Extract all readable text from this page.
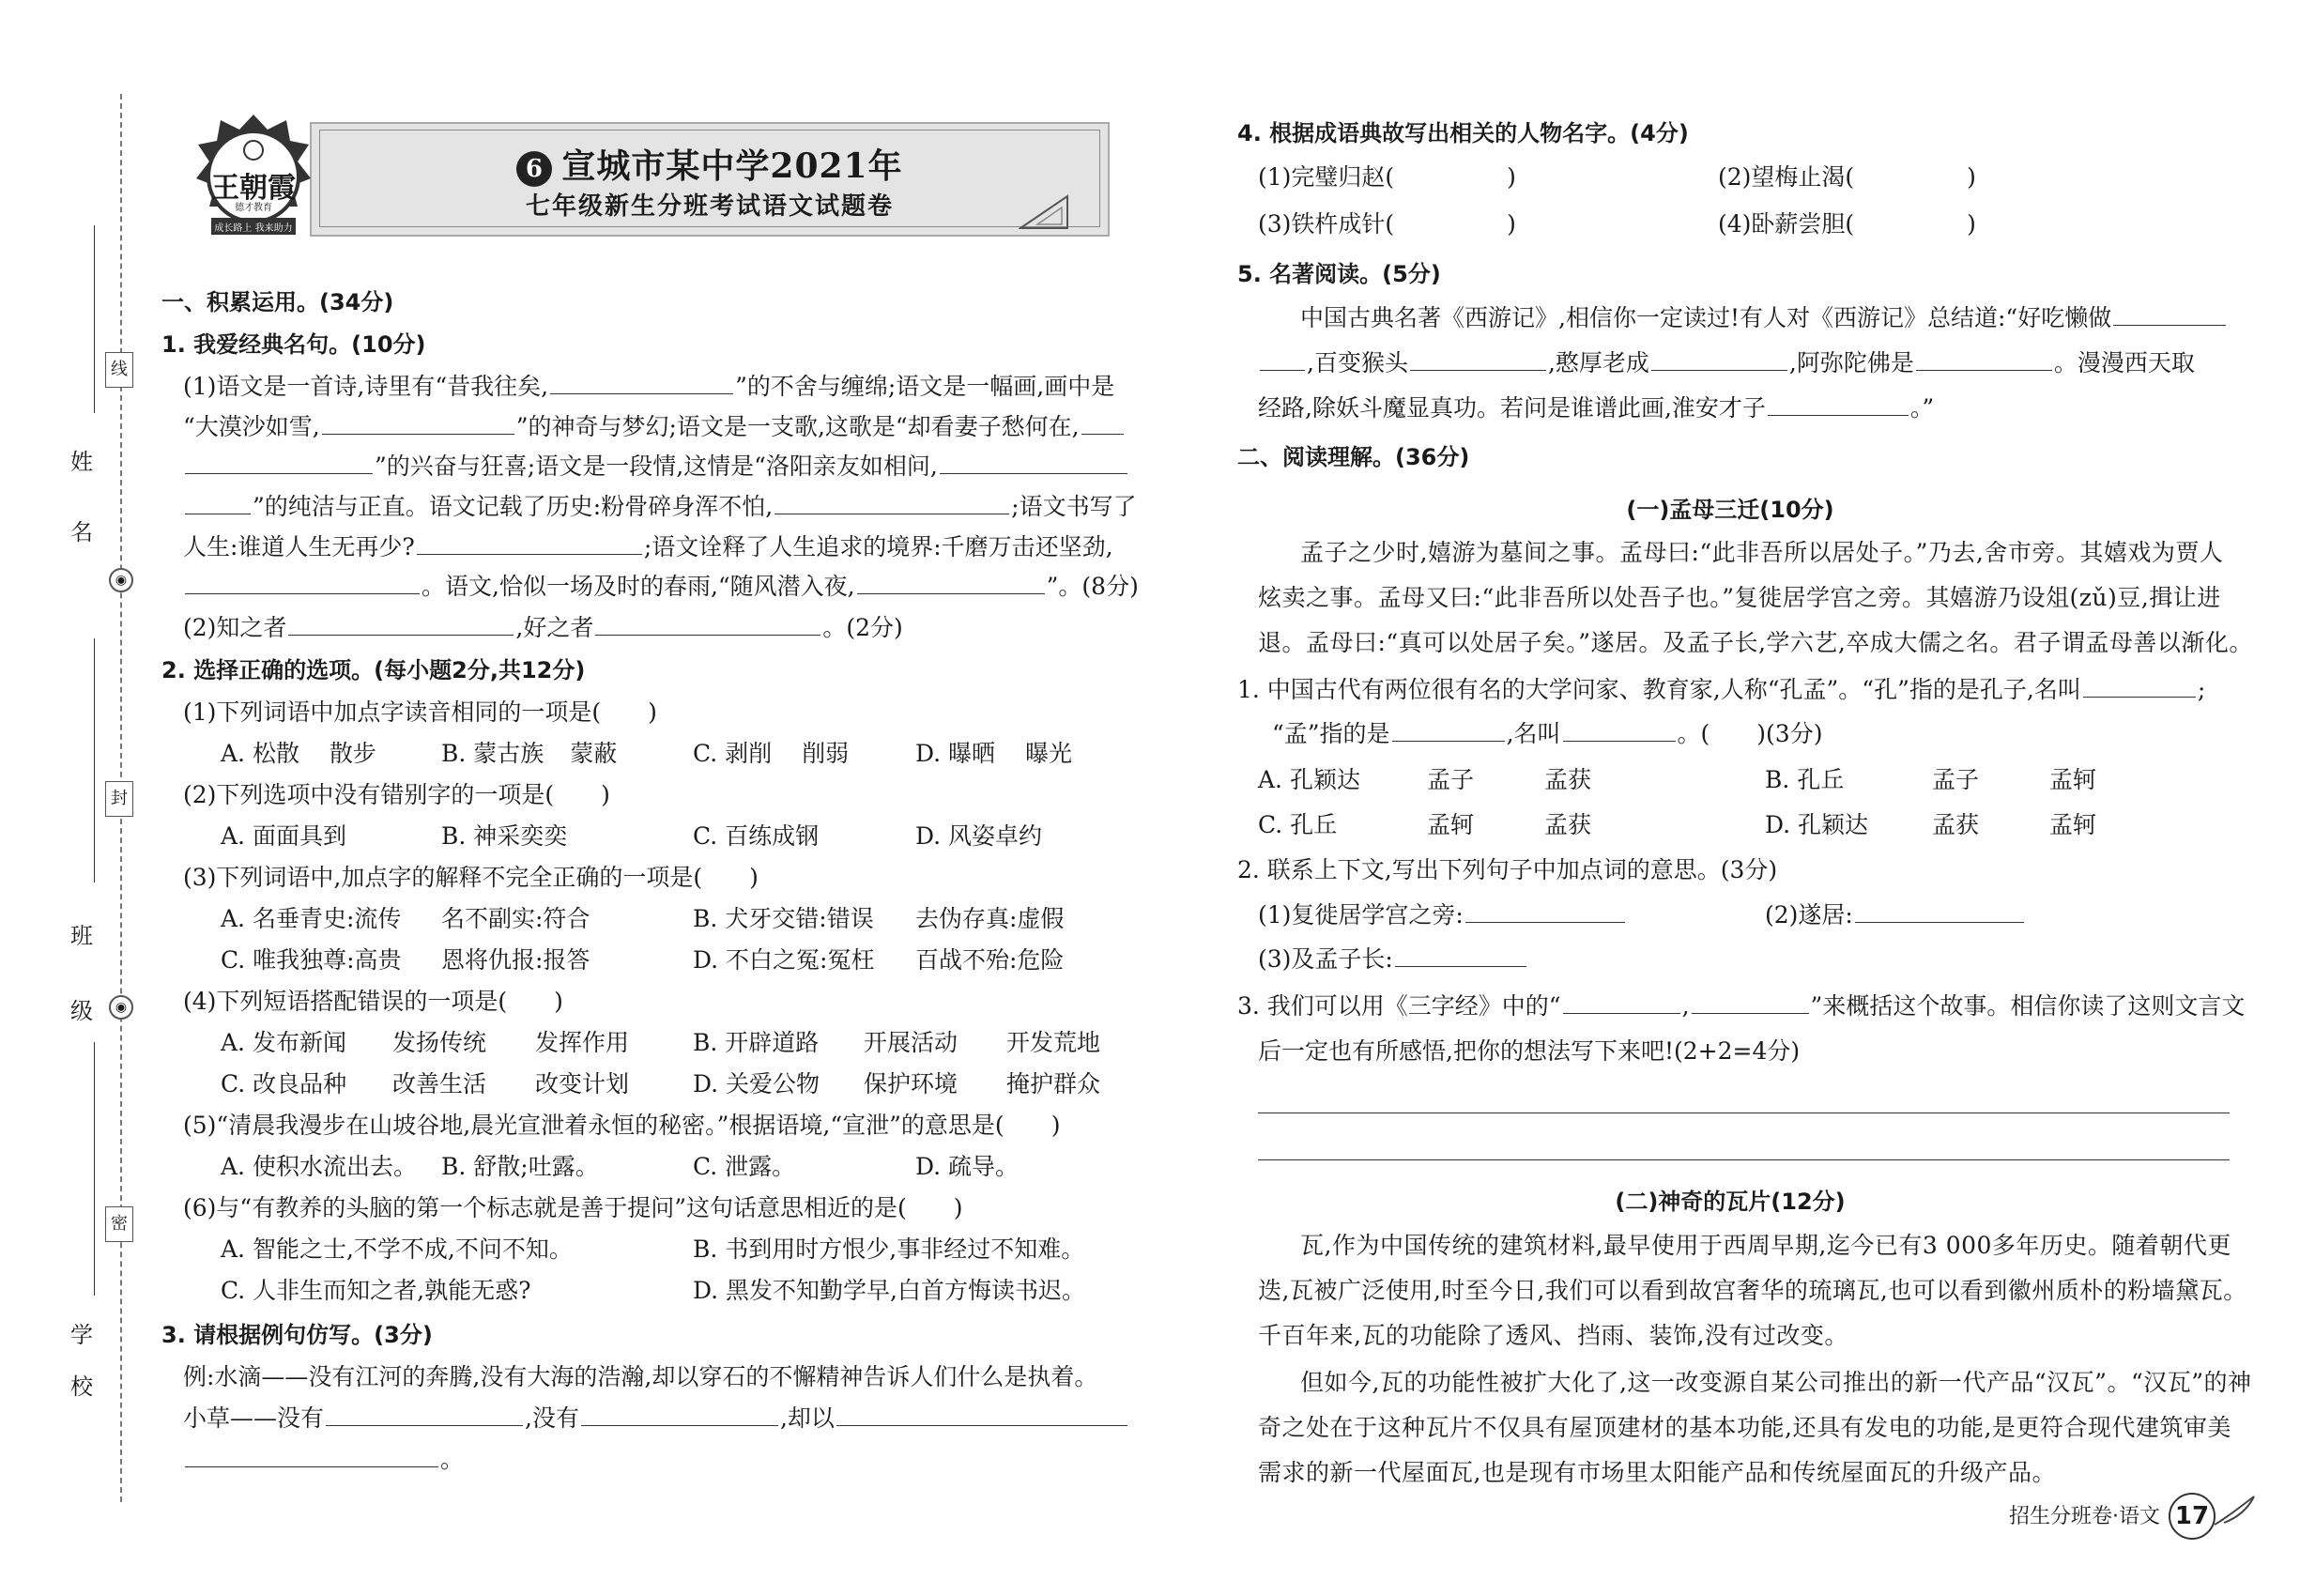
线
◉
封
◉
密
姓
名
班
级
学
校
6 宣城市某中学2021年
七年级新生分班考试语文试题卷
王朝霞
德才教育
成长路上 我来助力
一、积累运用。(34分)
1. 我爱经典名句。(10分)
(1)语文是一首诗,诗里有“昔我往矣,	”的不舍与缠绵;语文是一幅画,画中是
“大漠沙如雪,	”的神奇与梦幻;语文是一支歌,这歌是“却看妻子愁何在,
”的兴奋与狂喜;语文是一段情,这情是“洛阳亲友如相问,
”的纯洁与正直。语文记载了历史:粉骨碎身浑不怕,	;语文书写了
人生:谁道人生无再少?	;语文诠释了人生追求的境界:千磨万击还坚劲,
。语文,恰似一场及时的春雨,“随风潜入夜,	”。(8分)
(2)知之者	,好之者	。(2分)
2. 选择正确的选项。(每小题2分,共12分)
(1)下列词语中加点字读音相同的一项是( )
A. 松散 散步	B. 蒙古族 蒙蔽	C. 剥削 削弱	D. 曝晒 曝光
(2)下列选项中没有错别字的一项是( )
A. 面面具到	B. 神采奕奕	C. 百练成钢	D. 风姿卓约
(3)下列词语中,加点字的解释不完全正确的一项是( )
A. 名垂青史:流传 名不副实:符合	B. 犬牙交错:错误 去伪存真:虚假
C. 唯我独尊:高贵 恩将仇报:报答	D. 不白之冤:冤枉 百战不殆:危险
(4)下列短语搭配错误的一项是( )
A. 发布新闻 发扬传统 发挥作用	B. 开辟道路 开展活动 开发荒地
C. 改良品种 改善生活 改变计划	D. 关爱公物 保护环境 掩护群众
(5)“清晨我漫步在山坡谷地,晨光宣泄着永恒的秘密。”根据语境,“宣泄”的意思是( )
A. 使积水流出去。 B. 舒散;吐露。	C. 泄露。	D. 疏导。
(6)与“有教养的头脑的第一个标志就是善于提问”这句话意思相近的是( )
A. 智能之士,不学不成,不问不知。	B. 书到用时方恨少,事非经过不知难。
C. 人非生而知之者,孰能无惑?	D. 黑发不知勤学早,白首方悔读书迟。
3. 请根据例句仿写。(3分)
例:水滴——没有江河的奔腾,没有大海的浩瀚,却以穿石的不懈精神告诉人们什么是执着。
小草——没有	,没有	,却以
。
4. 根据成语典故写出相关的人物名字。(4分)
(1)完璧归赵(	)	(2)望梅止渴(	)
(3)铁杵成针(	)	(4)卧薪尝胆(	)
5. 名著阅读。(5分)
中国古典名著《西游记》,相信你一定读过!有人对《西游记》总结道:“好吃懒做
,百变猴头	,憨厚老成	,阿弥陀佛是	。漫漫西天取
经路,除妖斗魔显真功。若问是谁谱此画,淮安才子	。”
二、阅读理解。(36分)
(一)孟母三迁(10分)
孟子之少时,嬉游为墓间之事。孟母曰:“此非吾所以居处子。”乃去,舍市旁。其嬉戏为贾人
炫卖之事。孟母又曰:“此非吾所以处吾子也。”复徙居学宫之旁。其嬉游乃设俎(zǔ)豆,揖让进
退。孟母曰:“真可以处居子矣。”遂居。及孟子长,学六艺,卒成大儒之名。君子谓孟母善以渐化。
1. 中国古代有两位很有名的大学问家、教育家,人称“孔孟”。“孔”指的是孔子,名叫	;
“孟”指的是	,名叫	。( )(3分)
A. 孔颖达	孟子	孟获	B. 孔丘	孟子	孟轲
C. 孔丘	孟轲	孟获	D. 孔颖达	孟获	孟轲
2. 联系上下文,写出下列句子中加点词的意思。(3分)
(1)复徙居学宫之旁:	(2)遂居:
(3)及孟子长:
3. 我们可以用《三字经》中的“	,	”来概括这个故事。相信你读了这则文言文
后一定也有所感悟,把你的想法写下来吧!(2+2=4分)
(二)神奇的瓦片(12分)
瓦,作为中国传统的建筑材料,最早使用于西周早期,迄今已有3 000多年历史。随着朝代更
迭,瓦被广泛使用,时至今日,我们可以看到故宫奢华的琉璃瓦,也可以看到徽州质朴的粉墙黛瓦。
千百年来,瓦的功能除了透风、挡雨、装饰,没有过改变。
但如今,瓦的功能性被扩大化了,这一改变源自某公司推出的新一代产品“汉瓦”。“汉瓦”的神
奇之处在于这种瓦片不仅具有屋顶建材的基本功能,还具有发电的功能,是更符合现代建筑审美
需求的新一代屋面瓦,也是现有市场里太阳能产品和传统屋面瓦的升级产品。
招生分班卷·语文 17
